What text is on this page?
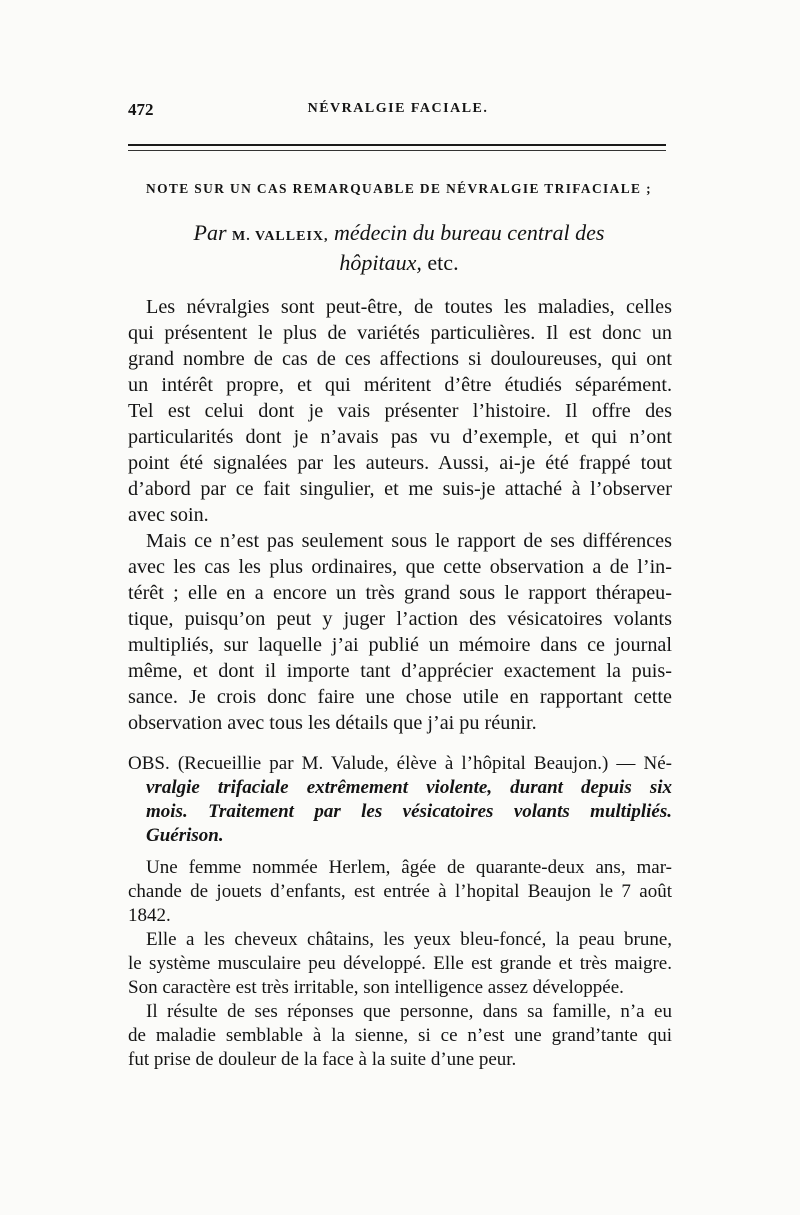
472	NÉVRALGIE FACIALE.
NOTE SUR UN CAS REMARQUABLE DE NÉVRALGIE TRIFACIALE ;
Par M. VALLEIX, médecin du bureau central des
hôpitaux, etc.
Les névralgies sont peut-être, de toutes les maladies, celles
qui présentent le plus de variétés particulières. Il est donc un
grand nombre de cas de ces affections si douloureuses, qui ont
un intérêt propre, et qui méritent d’être étudiés séparément.
Tel est celui dont je vais présenter l’histoire. Il offre des
particularités dont je n’avais pas vu d’exemple, et qui n’ont
point été signalées par les auteurs. Aussi, ai-je été frappé tout
d’abord par ce fait singulier, et me suis-je attaché à l’observer
avec soin.
Mais ce n’est pas seulement sous le rapport de ses différences
avec les cas les plus ordinaires, que cette observation a de l’in-
térêt ; elle en a encore un très grand sous le rapport thérapeu-
tique, puisqu’on peut y juger l’action des vésicatoires volants
multipliés, sur laquelle j’ai publié un mémoire dans ce journal
même, et dont il importe tant d’apprécier exactement la puis-
sance. Je crois donc faire une chose utile en rapportant cette
observation avec tous les détails que j’ai pu réunir.
OBS. (Recueillie par M. Valude, élève à l’hôpital Beaujon.) — Né-
vralgie trifaciale extrêmement violente, durant depuis six
mois. Traitement par les vésicatoires volants multipliés.
Guérison.
Une femme nommée Herlem, âgée de quarante-deux ans, mar-
chande de jouets d’enfants, est entrée à l’hopital Beaujon le 7 août
1842.
Elle a les cheveux châtains, les yeux bleu-foncé, la peau brune,
le système musculaire peu développé. Elle est grande et très maigre.
Son caractère est très irritable, son intelligence assez développée.
Il résulte de ses réponses que personne, dans sa famille, n’a eu
de maladie semblable à la sienne, si ce n’est une grand’tante qui
fut prise de douleur de la face à la suite d’une peur.
